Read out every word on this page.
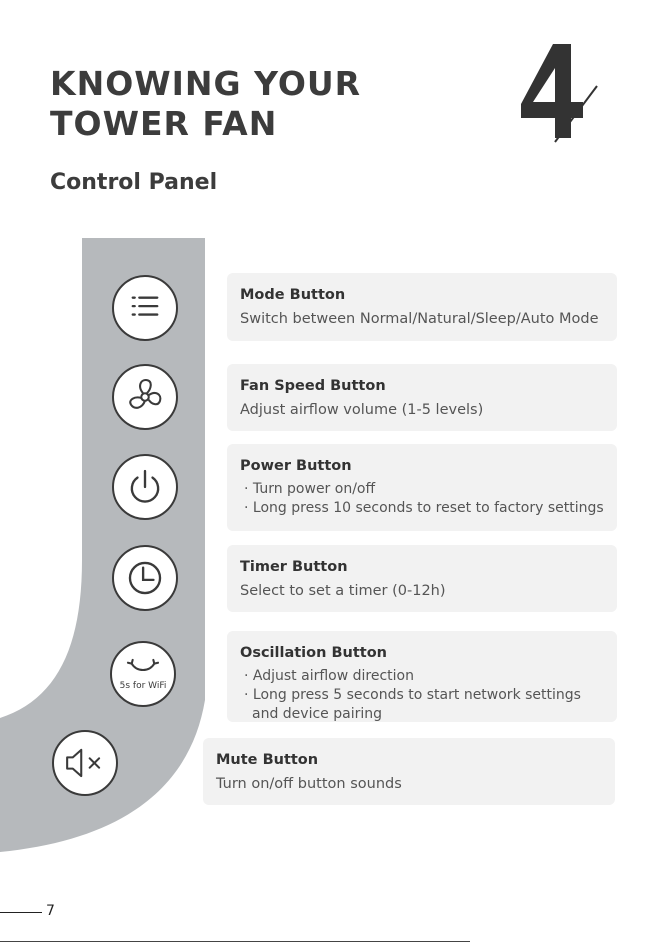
KNOWING YOUR
TOWER FAN
Control Panel

Mode Button

Switch between Normal/Natural/Sleep/Auto Mode

Fan Speed Button

Adjust airflow volume (1-5 levels)

Power Button

· Turn power on/off

· Long press 10 seconds to reset to factory settings

Timer Button

Select to set a timer (0-12h)

5s for WiFi

Oscillation Button

· Adjust airflow direction

· Long press 5 seconds to start network settings and device pairing

Mute Button

Turn on/off button sounds

7
